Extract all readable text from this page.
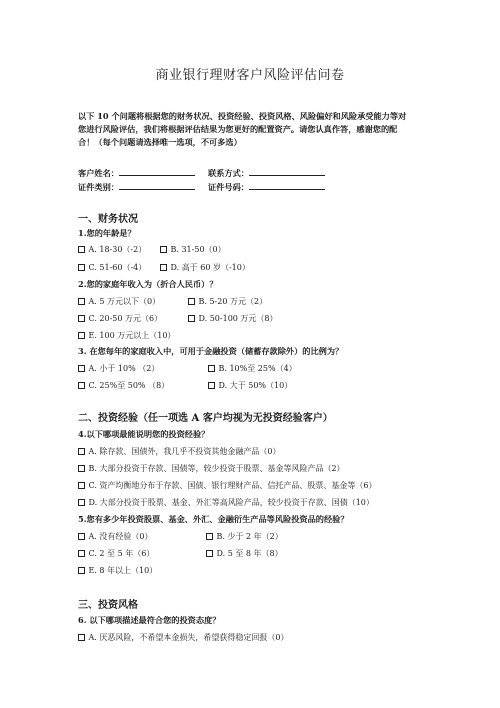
商业银行理财客户风险评估问卷
以下 10 个问题将根据您的财务状况、投资经验、投资风格、风险偏好和风险承受能力等对
您进行风险评估，我们将根据评估结果为您更好的配置资产。请您认真作答，感谢您的配
合！（每个问题请选择唯一选项，不可多选）
客户姓名：	联系方式：
证件类别：	证件号码：
一、财务状况
1.您的年龄是？
A. 18-30（-2）	B. 31-50（0）
C. 51-60（-4）	D. 高于 60 岁（-10）
2.您的家庭年收入为（折合人民币）？
A. 5 万元以下（0）	B. 5-20 万元（2）
C. 20-50 万元（6）	D. 50-100 万元（8）
E. 100 万元以上（10）
3. 在您每年的家庭收入中，可用于金融投资（储蓄存款除外）的比例为？
A. 小于 10% （2）	B. 10%至 25%（4）
C. 25%至 50% （8）	D. 大于 50%（10）
二、投资经验（任一项选 A 客户均视为无投资经验客户）
4.以下哪项最能说明您的投资经验？
A. 除存款、国债外，我几乎不投资其他金融产品（0）
B. 大部分投资于存款、国债等，较少投资于股票、基金等风险产品（2）
C. 资产均衡地分布于存款、国债、银行理财产品、信托产品、股票、基金等（6）
D. 大部分投资于股票、基金、外汇等高风险产品，较少投资于存款、国债（10）
5.您有多少年投资股票、基金、外汇、金融衍生产品等风险投资品的经验？
A. 没有经验（0）	B. 少于 2 年（2）
C. 2 至 5 年（6）	D. 5 至 8 年（8）
E. 8 年以上（10）
三、投资风格
6. 以下哪项描述最符合您的投资态度？
A. 厌恶风险，不希望本金损失，希望获得稳定回报（0）
